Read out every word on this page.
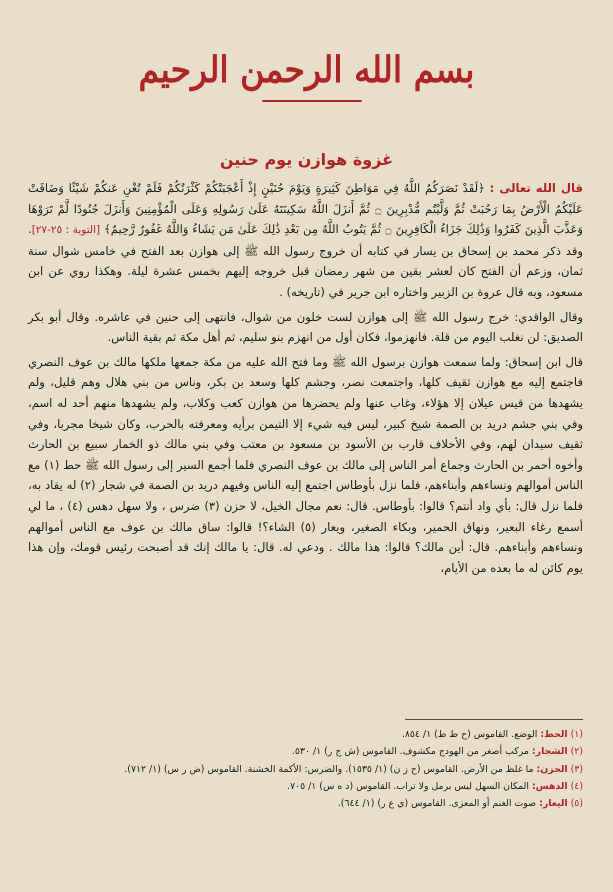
بسم الله الرحمن الرحيم
غزوة هوازن يوم حنين

قال الله تعالى : ﴿لَقَدْ نَصَرَكُمُ اللَّهُ فِي مَوَاطِنَ كَثِيرَةٍ وَيَوْمَ حُنَيْنٍ إِذْ أَعْجَبَتْكُمْ كَثْرَتُكُمْ فَلَمْ تُغْنِ عَنكُمْ شَيْئًا وَضَاقَتْ عَلَيْكُمُ الْأَرْضُ بِمَا رَحُبَتْ ثُمَّ وَلَّيْتُم مُّدْبِرِينَ ۝ ثُمَّ أَنزَلَ اللَّهُ سَكِينَتَهُ عَلَىٰ رَسُولِهِ وَعَلَى الْمُؤْمِنِينَ وَأَنزَلَ جُنُودًا لَّمْ تَرَوْهَا وَعَذَّبَ الَّذِينَ كَفَرُوا وَذَٰلِكَ جَزَاءُ الْكَافِرِينَ ۝ ثُمَّ يَتُوبُ اللَّهُ مِن بَعْدِ ذَٰلِكَ عَلَىٰ مَن يَشَاءُ وَاللَّهُ غَفُورٌ رَّحِيمٌ﴾ [التوبة : ٢٥-٢٧]. وقد ذكر محمد بن إسحاق بن يسار في كتابه أن خروج رسول الله ﷺ إلى هوازن بعد الفتح في خامس شوال سنة ثمان، وزعم أن الفتح كان لعشر بقين من شهر رمضان قبل خروجه إليهم بخمس عشرة ليلة. وهكذا روي عن ابن مسعود، وبه قال عروة بن الزبير واختاره ابن جرير في (تاريخه) .

وقال الواقدي: خرج رسول الله ﷺ إلى هوازن لست خلون من شوال، فانتهى إلى حنين في عاشره. وقال أبو بكر الصديق: لن نغلب اليوم من قلة. فانهزموا، فكان أول من انهزم بنو سليم، ثم أهل مكة ثم بقية الناس.

قال ابن إسحاق: ولما سمعت هوازن برسول الله ﷺ وما فتح الله عليه من مكة جمعها ملكها مالك بن عوف النصري فاجتمع إليه مع هوازن ثقيف كلها، واجتمعت نصر، وجشم كلها وسعد بن بكر، وناس من بني هلال وهم قليل، ولم يشهدها من قيس عيلان إلا هؤلاء، وغاب عنها ولم يحضرها من هوازن كعب وكلاب، ولم يشهدها منهم أحد له اسم، وفي بني جشم دريد بن الصمة شيخ كبير، ليس فيه شيء إلا التيمن برأيه ومعرفته بالحرب، وكان شيخا مجربا، وفي ثقيف سيدان لهم، وفي الأحلاف قارب بن الأسود بن مسعود بن معتب وفي بني مالك ذو الخمار سبيع بن الحارث وأخوه أحمر بن الحارث وجماع أمر الناس إلى مالك بن عوف النصري فلما أجمع السير إلى رسول الله ﷺ حط (١) مع الناس أموالهم ونساءهم وأبناءهم، فلما نزل بأوطاس اجتمع إليه الناس وفيهم دريد بن الصمة في شجار (٢) له يقاد به، فلما نزل قال: بأي واد أنتم؟ قالوا: بأوطاس. قال: نعم مجال الخيل، لا حزن (٣) ضرس ، ولا سهل دهس (٤) ، ما لي أسمع رغاء البعير، ونهاق الحمير، وبكاء الصغير، ويعار (٥) الشاء؟! قالوا: ساق مالك بن عوف مع الناس أموالهم ونساءهم وأبناءهم. قال: أين مالك؟ قالوا: هذا مالك . ودعي له. قال: يا مالك إنك قد أصبحت رئيس قومك، وإن هذا يوم كائن له ما بعده من الأيام،

(١) الحط: الوضع. القاموس (ح ط ط) ١/ ٨٥٤.
(٢) الشجار: مركب أصغر من الهودج مكشوف. القاموس (ش ج ر) ١/ ٥٣٠.
(٣) الحزن: ما غلظ من الأرض. القاموس (ح ز ن) (١/ ١٥٣٥). والضرس: الأكمة الخشنة. القاموس (ض ر س) (١/ ٧١٢).
(٤) الدهس: المكان السهل ليس برمل ولا تراب. القاموس (د ه س) ١/ ٧٠٥.
(٥) اليعار: صوت الغنم أو المعزى. القاموس (ي ع ر) (١/ ٦٤٤).
